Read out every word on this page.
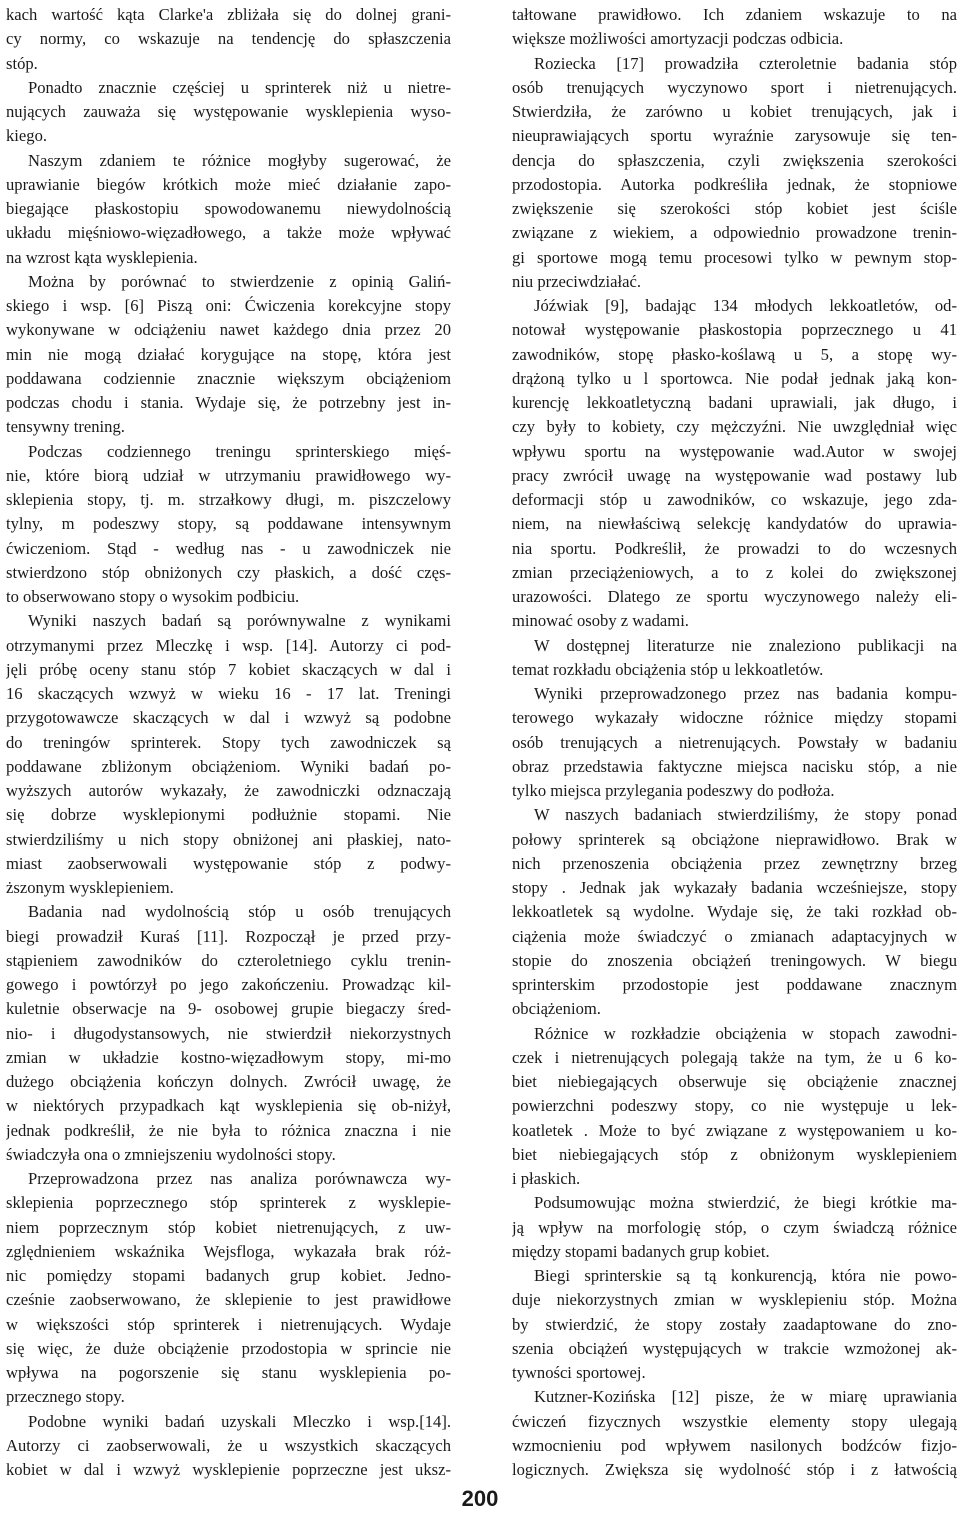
kach wartość kąta Clarke'a zbliżała się do dolnej grani-
cy normy, co wskazuje na tendencję do spłaszczenia
stóp.
Ponadto znacznie częściej u sprinterek niż u nietre-
nujących zauważa się występowanie wysklepienia wyso-
kiego.
Naszym zdaniem te różnice mogłyby sugerować, że
uprawianie biegów krótkich może mieć działanie zapo-
biegające płaskostopiu spowodowanemu niewydolnością
układu mięśniowo-więzadłowego, a także może wpływać
na wzrost kąta wysklepienia.
Można by porównać to stwierdzenie z opinią Galiń-
skiego i wsp. [6] Piszą oni: Ćwiczenia korekcyjne stopy
wykonywane w odciążeniu nawet każdego dnia przez 20
min nie mogą działać korygujące na stopę, która jest
poddawana codziennie znacznie większym obciążeniom
podczas chodu i stania. Wydaje się, że potrzebny jest in-
tensywny trening.
Podczas codziennego treningu sprinterskiego mięś-
nie, które biorą udział w utrzymaniu prawidłowego wy-
sklepienia stopy, tj. m. strzałkowy długi, m. piszczelowy
tylny, m podeszwy stopy, są poddawane intensywnym
ćwiczeniom. Stąd - według nas - u zawodniczek nie
stwierdzono stóp obniżonych czy płaskich, a dość częs-
to obserwowano stopy o wysokim podbiciu.
Wyniki naszych badań są porównywalne z wynikami
otrzymanymi przez Mleczkę i wsp. [14]. Autorzy ci pod-
jęli próbę oceny stanu stóp 7 kobiet skaczących w dal i
16 skaczących wzwyż w wieku 16 - 17 lat. Treningi
przygotowawcze skaczących w dal i wzwyż są podobne
do treningów sprinterek. Stopy tych zawodniczek są
poddawane zbliżonym obciążeniom. Wyniki badań po-
wyższych autorów wykazały, że zawodniczki odznaczają
się dobrze wysklepionymi podłużnie stopami. Nie
stwierdziliśmy u nich stopy obniżonej ani płaskiej, nato-
miast zaobserwowali występowanie stóp z podwy-
ższonym wysklepieniem.
Badania nad wydolnością stóp u osób trenujących
biegi prowadził Kuraś [11]. Rozpoczął je przed przy-
stąpieniem zawodników do czteroletniego cyklu trenin-
gowego i powtórzył po jego zakończeniu. Prowadząc kil-
kuletnie obserwacje na 9- osobowej grupie biegaczy śred-
nio- i długodystansowych, nie stwierdził niekorzystnych
zmian w układzie kostno-więzadłowym stopy, mi-mo
dużego obciążenia kończyn dolnych. Zwrócił uwagę, że
w niektórych przypadkach kąt wysklepienia się ob-niżył,
jednak podkreślił, że nie była to różnica znaczna i nie
świadczyła ona o zmniejszeniu wydolności stopy.
Przeprowadzona przez nas analiza porównawcza wy-
sklepienia poprzecznego stóp sprinterek z wysklepie-
niem poprzecznym stóp kobiet nietrenujących, z uw-
zględnieniem wskaźnika Wejsfloga, wykazała brak róż-
nic pomiędzy stopami badanych grup kobiet. Jedno-
cześnie zaobserwowano, że sklepienie to jest prawidłowe
w większości stóp sprinterek i nietrenujących. Wydaje
się więc, że duże obciążenie przodostopia w sprincie nie
wpływa na pogorszenie się stanu wysklepienia po-
przecznego stopy.
Podobne wyniki badań uzyskali Mleczko i wsp.[14].
Autorzy ci zaobserwowali, że u wszystkich skaczących
kobiet w dal i wzwyż wysklepienie poprzeczne jest uksz-
tałtowane prawidłowo. Ich zdaniem wskazuje to na
większe możliwości amortyzacji podczas odbicia.
Roziecka [17] prowadziła czteroletnie badania stóp
osób trenujących wyczynowo sport i nietrenujących.
Stwierdziła, że zarówno u kobiet trenujących, jak i
nieuprawiających sportu wyraźnie zarysowuje się ten-
dencja do spłaszczenia, czyli zwiększenia szerokości
przodostopia. Autorka podkreśliła jednak, że stopniowe
zwiększenie się szerokości stóp kobiet jest ściśle
związane z wiekiem, a odpowiednio prowadzone trenin-
gi sportowe mogą temu procesowi tylko w pewnym stop-
niu przeciwdziałać.
Jóźwiak [9], badając 134 młodych lekkoatletów, od-
notował występowanie płaskostopia poprzecznego u 41
zawodników, stopę płasko-koślawą u 5, a stopę wy-
drążoną tylko u l sportowca. Nie podał jednak jaką kon-
kurencję lekkoatletyczną badani uprawiali, jak długo, i
czy były to kobiety, czy mężczyźni. Nie uwzględniał więc
wpływu sportu na występowanie wad.Autor w swojej
pracy zwrócił uwagę na występowanie wad postawy lub
deformacji stóp u zawodników, co wskazuje, jego zda-
niem, na niewłaściwą selekcję kandydatów do uprawia-
nia sportu. Podkreślił, że prowadzi to do wczesnych
zmian przeciążeniowych, a to z kolei do zwiększonej
urazowości. Dlatego ze sportu wyczynowego należy eli-
minować osoby z wadami.
W dostępnej literaturze nie znaleziono publikacji na
temat rozkładu obciążenia stóp u lekkoatletów.
Wyniki przeprowadzonego przez nas badania kompu-
terowego wykazały widoczne różnice między stopami
osób trenujących a nietrenujących. Powstały w badaniu
obraz przedstawia faktyczne miejsca nacisku stóp, a nie
tylko miejsca przylegania podeszwy do podłoża.
W naszych badaniach stwierdziliśmy, że stopy ponad
połowy sprinterek są obciążone nieprawidłowo. Brak w
nich przenoszenia obciążenia przez zewnętrzny brzeg
stopy . Jednak jak wykazały badania wcześniejsze, stopy
lekkoatletek są wydolne. Wydaje się, że taki rozkład ob-
ciążenia może świadczyć o zmianach adaptacyjnych w
stopie do znoszenia obciążeń treningowych. W biegu
sprinterskim przodostopie jest poddawane znacznym
obciążeniom.
Różnice w rozkładzie obciążenia w stopach zawodni-
czek i nietrenujących polegają także na tym, że u 6 ko-
biet niebiegających obserwuje się obciążenie znacznej
powierzchni podeszwy stopy, co nie występuje u lek-
koatletek . Może to być związane z występowaniem u ko-
biet niebiegających stóp z obniżonym wysklepieniem
i płaskich.
Podsumowując można stwierdzić, że biegi krótkie ma-
ją wpływ na morfologię stóp, o czym świadczą różnice
między stopami badanych grup kobiet.
Biegi sprinterskie są tą konkurencją, która nie powo-
duje niekorzystnych zmian w wysklepieniu stóp. Można
by stwierdzić, że stopy zostały zaadaptowane do zno-
szenia obciążeń występujących w trakcie wzmożonej ak-
tywności sportowej.
Kutzner-Kozińska [12] pisze, że w miarę uprawiania
ćwiczeń fizycznych wszystkie elementy stopy ulegają
wzmocnieniu pod wpływem nasilonych bodźców fizjo-
logicznych. Zwiększa się wydolność stóp i z łatwością
200
